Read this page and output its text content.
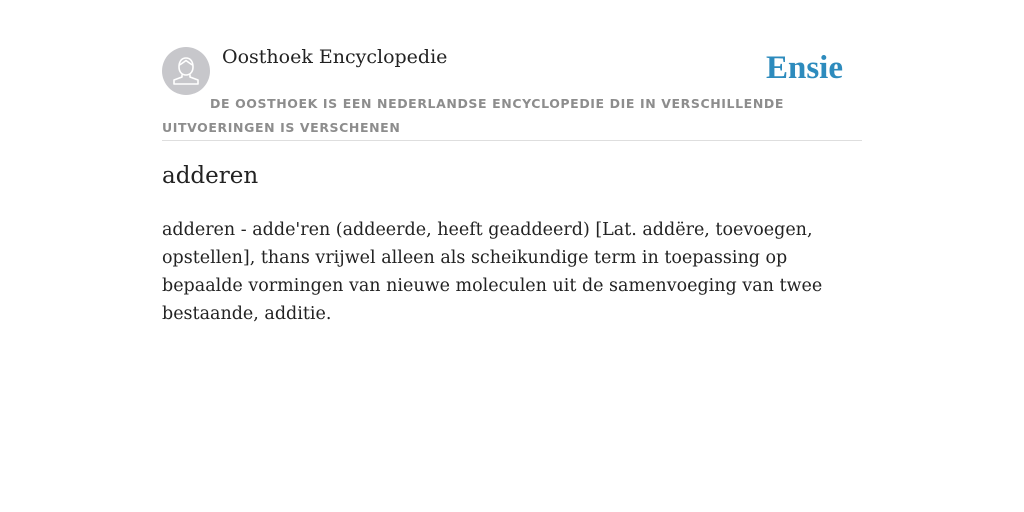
Oosthoek Encyclopedie	Ensie
DE OOSTHOEK IS EEN NEDERLANDSE ENCYCLOPEDIE DIE IN VERSCHILLENDE UITVOERINGEN IS VERSCHENEN
adderen

adderen - adde'ren (addeerde, heeft geaddeerd) [Lat. addëre, toevoegen, opstellen], thans vrijwel alleen als scheikundige term in toepassing op bepaalde vormingen van nieuwe moleculen uit de samenvoeging van twee bestaande, additie.
